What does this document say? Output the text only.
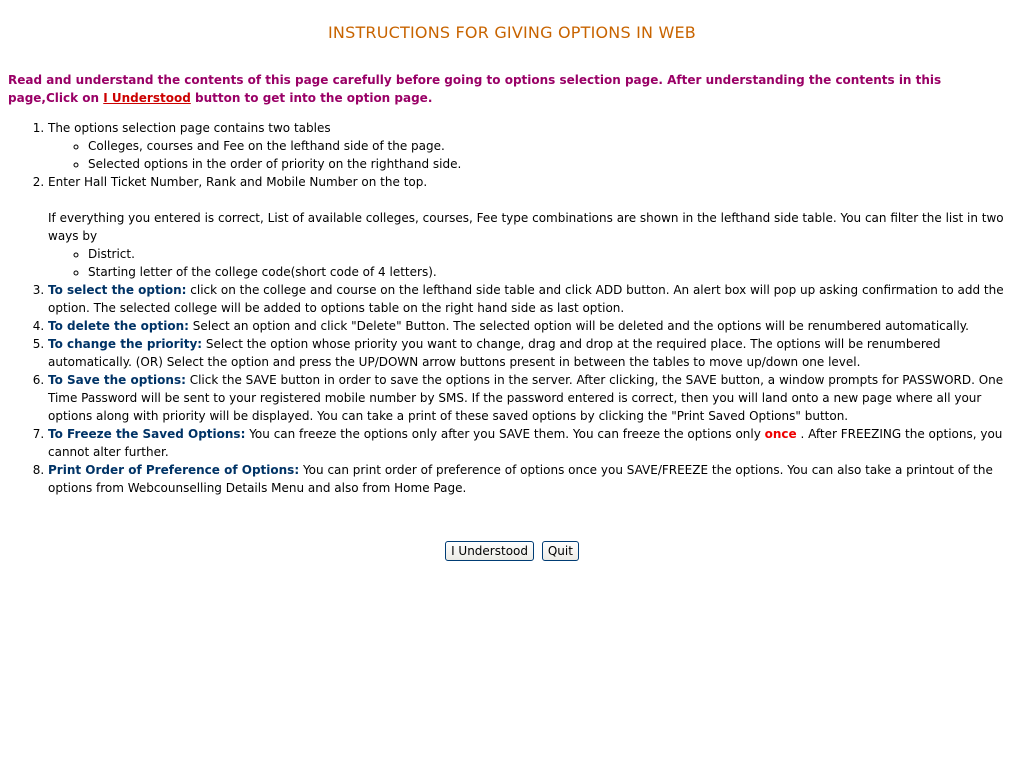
INSTRUCTIONS FOR GIVING OPTIONS IN WEB
Read and understand the contents of this page carefully before going to options selection page. After understanding the contents in this page,Click on I Understood button to get into the option page.
1. The options selection page contains two tables
◦ Colleges, courses and Fee on the lefthand side of the page.
◦ Selected options in the order of priority on the righthand side.
2. Enter Hall Ticket Number, Rank and Mobile Number on the top.
If everything you entered is correct, List of available colleges, courses, Fee type combinations are shown in the lefthand side table. You can filter the list in two ways by
◦ District.
◦ Starting letter of the college code(short code of 4 letters).
3. To select the option: click on the college and course on the lefthand side table and click ADD button. An alert box will pop up asking confirmation to add the option. The selected college will be added to options table on the right hand side as last option.
4. To delete the option: Select an option and click "Delete" Button. The selected option will be deleted and the options will be renumbered automatically.
5. To change the priority: Select the option whose priority you want to change, drag and drop at the required place. The options will be renumbered automatically. (OR) Select the option and press the UP/DOWN arrow buttons present in between the tables to move up/down one level.
6. To Save the options: Click the SAVE button in order to save the options in the server. After clicking, the SAVE button, a window prompts for PASSWORD. One Time Password will be sent to your registered mobile number by SMS. If the password entered is correct, then you will land onto a new page where all your options along with priority will be displayed. You can take a print of these saved options by clicking the "Print Saved Options" button.
7. To Freeze the Saved Options: You can freeze the options only after you SAVE them. You can freeze the options only once . After FREEZING the options, you cannot alter further.
8. Print Order of Preference of Options: You can print order of preference of options once you SAVE/FREEZE the options. You can also take a printout of the options from Webcounselling Details Menu and also from Home Page.
I Understood Quit
